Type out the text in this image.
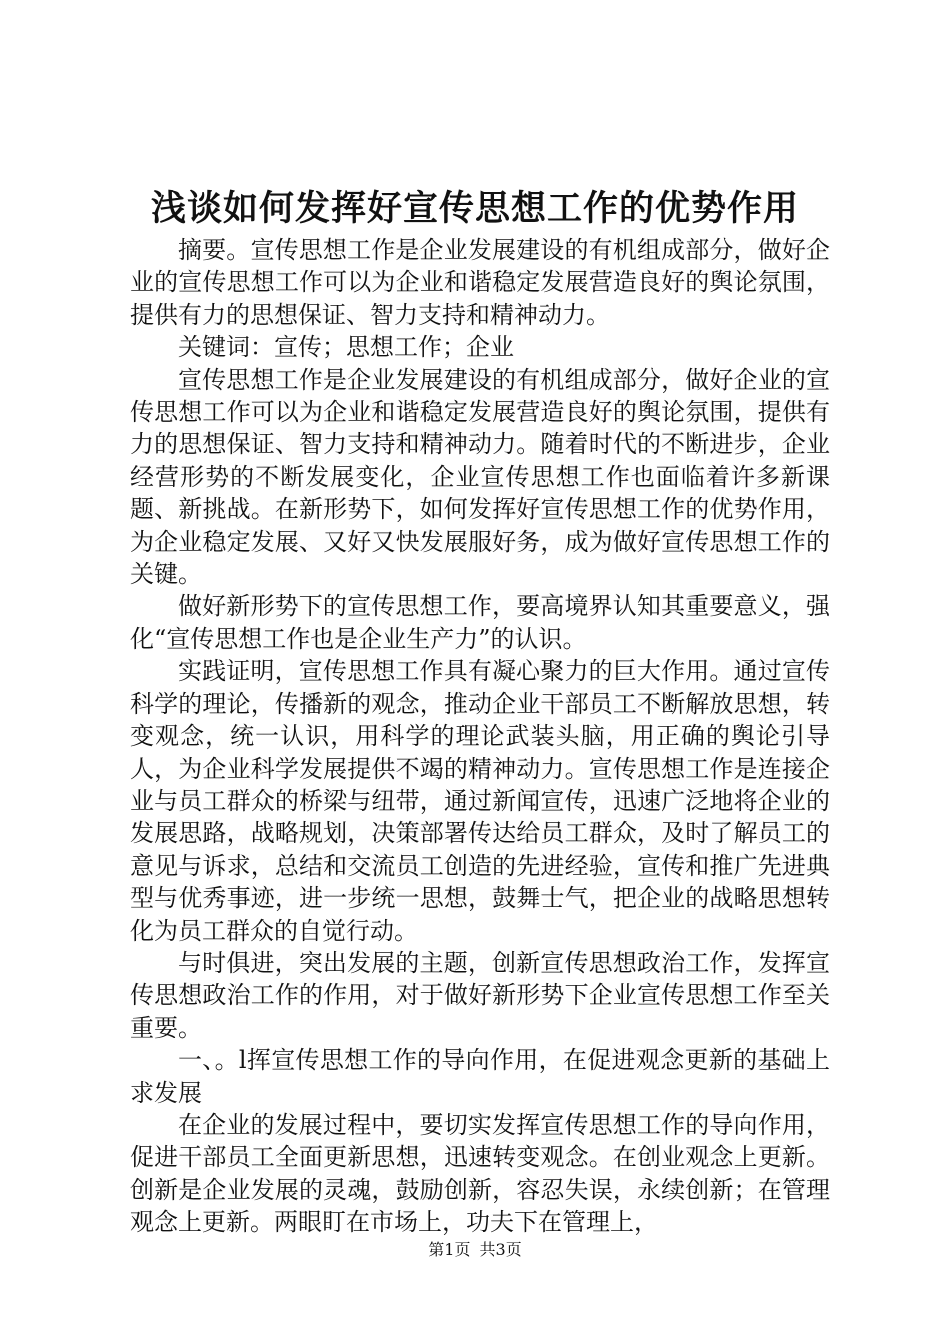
浅谈如何发挥好宣传思想工作的优势作用

摘要。宣传思想工作是企业发展建设的有机组成部分，做好企业的宣传思想工作可以为企业和谐稳定发展营造良好的舆论氛围，提供有力的思想保证、智力支持和精神动力。

关键词：宣传；思想工作；企业

宣传思想工作是企业发展建设的有机组成部分，做好企业的宣传思想工作可以为企业和谐稳定发展营造良好的舆论氛围，提供有力的思想保证、智力支持和精神动力。随着时代的不断进步，企业经营形势的不断发展变化，企业宣传思想工作也面临着许多新课题、新挑战。在新形势下，如何发挥好宣传思想工作的优势作用，为企业稳定发展、又好又快发展服好务，成为做好宣传思想工作的关键。

做好新形势下的宣传思想工作，要高境界认知其重要意义，强化“宣传思想工作也是企业生产力”的认识。

实践证明，宣传思想工作具有凝心聚力的巨大作用。通过宣传科学的理论，传播新的观念，推动企业干部员工不断解放思想，转变观念，统一认识，用科学的理论武装头脑，用正确的舆论引导人，为企业科学发展提供不竭的精神动力。宣传思想工作是连接企业与员工群众的桥梁与纽带，通过新闻宣传，迅速广泛地将企业的发展思路，战略规划，决策部署传达给员工群众，及时了解员工的意见与诉求，总结和交流员工创造的先进经验，宣传和推广先进典型与优秀事迹，进一步统一思想，鼓舞士气，把企业的战略思想转化为员工群众的自觉行动。

与时俱进，突出发展的主题，创新宣传思想政治工作，发挥宣传思想政治工作的作用，对于做好新形势下企业宣传思想工作至关重要。

一、。l挥宣传思想工作的导向作用，在促进观念更新的基础上求发展

在企业的发展过程中，要切实发挥宣传思想工作的导向作用，促进干部员工全面更新思想，迅速转变观念。在创业观念上更新。创新是企业发展的灵魂，鼓励创新，容忍失误，永续创新；在管理观念上更新。两眼盯在市场上，功夫下在管理上，

第1页 共3页
